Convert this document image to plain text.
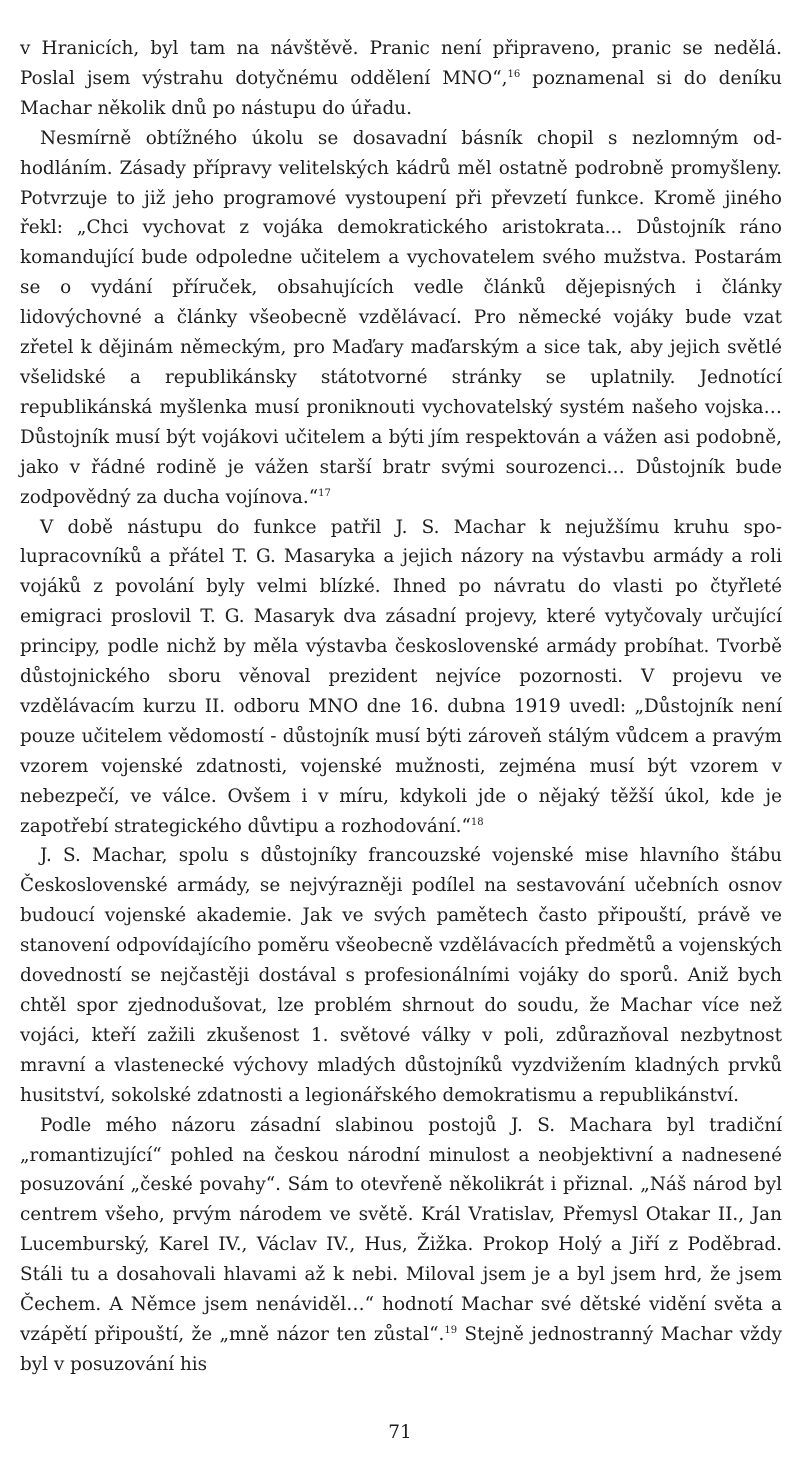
v Hranicích, byl tam na návštěvě. Pranic není připraveno, pranic se nedělá. Poslal jsem výstrahu dotyčnému oddělení MNO“,$^{16}$ poznamenal si do deníku Machar několik dnů po nástupu do úřadu.

Nesmírně obtížného úkolu se dosavadní básník chopil s nezlomným odhodláním. Zásady přípravy velitelských kádrů měl ostatně podrobně promyšleny. Potvrzuje to již jeho programové vystoupení při převzetí funkce. Kromě jiného řekl: „Chci vychovat z vojáka demokratického aristokrata... Důstojník ráno komandující bude odpoledne učitelem a vychovatelem svého mužstva. Postarám se o vydání příruček, obsahujících vedle článků dějepisných i články lidovýchovné a články všeobecně vzdělávací. Pro německé vojáky bude vzat zřetel k dějinám německým, pro Maďary maďarským a sice tak, aby jejich světlé všelidské a republikánsky státotvorné stránky se uplatnily. Jednotící republikánská myšlenka musí proniknouti vychovatelský systém našeho vojska… Důstojník musí být vojákovi učitelem a býti jím respektován a vážen asi podobně, jako v řádné rodině je vážen starší bratr svými sourozenci… Důstojník bude zodpovědný za ducha vojínova.“$^{17}$

V době nástupu do funkce patřil J. S. Machar k nejužšímu kruhu spolupracovníků a přátel T. G. Masaryka a jejich názory na výstavbu armády a roli vojáků z povolání byly velmi blízké. Ihned po návratu do vlasti po čtyřleté emigraci proslovil T. G. Masaryk dva zásadní projevy, které vytyčovaly určující principy, podle nichž by měla výstavba československé armády probíhat. Tvorbě důstojnického sboru věnoval prezident nejvíce pozornosti. V projevu ve vzdělávacím kurzu II. odboru MNO dne 16. dubna 1919 uvedl: „Důstojník není pouze učitelem vědomostí - důstojník musí býti zároveň stálým vůdcem a pravým vzorem vojenské zdatnosti, vojenské mužnosti, zejména musí být vzorem v nebezpečí, ve válce. Ovšem i v míru, kdykoli jde o nějaký těžší úkol, kde je zapotřebí strategického důvtipu a rozhodování.“$^{18}$

J. S. Machar, spolu s důstojníky francouzské vojenské mise hlavního štábu Československé armády, se nejvýrazněji podílel na sestavování učebních osnov budoucí vojenské akademie. Jak ve svých pamětech často připouští, právě ve stanovení odpovídajícího poměru všeobecně vzdělávacích předmětů a vojenských dovedností se nejčastěji dostával s profesionálními vojáky do sporů. Aniž bych chtěl spor zjednodušovat, lze problém shrnout do soudu, že Machar více než vojáci, kteří zažili zkušenost 1. světové války v poli, zdůrazňoval nezbytnost mravní a vlastenecké výchovy mladých důstojníků vyzdvižením kladných prvků husitství, sokolské zdatnosti a legionářského demokratismu a republikánství.

Podle mého názoru zásadní slabinou postojů J. S. Machara byl tradiční „romantizující“ pohled na českou národní minulost a neobjektivní a nadnesené posuzování „české povahy“. Sám to otevřeně několikrát i přiznal. „Náš národ byl centrem všeho, prvým národem ve světě. Král Vratislav, Přemysl Otakar II., Jan Lucemburský, Karel IV., Václav IV., Hus, Žižka. Prokop Holý a Jiří z Poděbrad. Stáli tu a dosahovali hlavami až k nebi. Miloval jsem je a byl jsem hrd, že jsem Čechem. A Němce jsem nenáviděl…“ hodnotí Machar své dětské vidění světa a vzápětí připouští, že „mně názor ten zůstal“.$^{19}$ Stejně jednostranný Machar vždy byl v posuzování his

71
